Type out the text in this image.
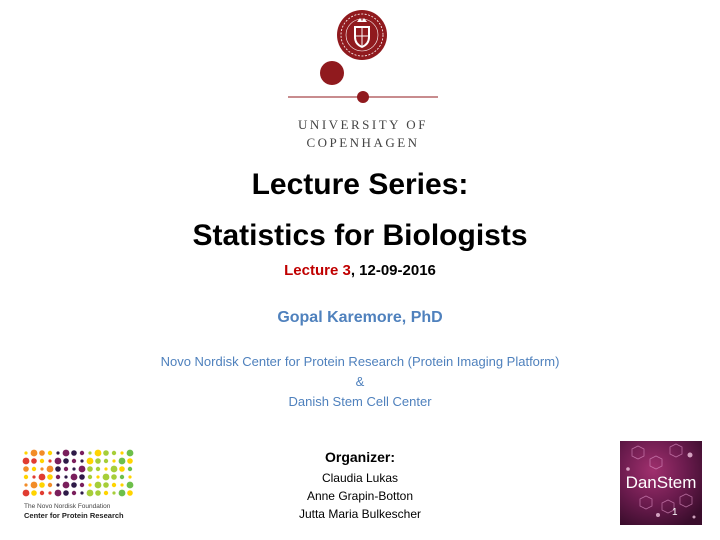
UNIVERSITY OF
COPENHAGEN
Lecture Series:
Statistics for Biologists
Lecture 3, 12-09-2016
Gopal Karemore, PhD
Novo Nordisk Center for Protein Research (Protein Imaging Platform)
&
Danish Stem Cell Center
Organizer:
Claudia Lukas
Anne Grapin-Botton
Jutta Maria Bulkescher
The Novo Nordisk Foundation
Center for Protein Research
DanStem
1
